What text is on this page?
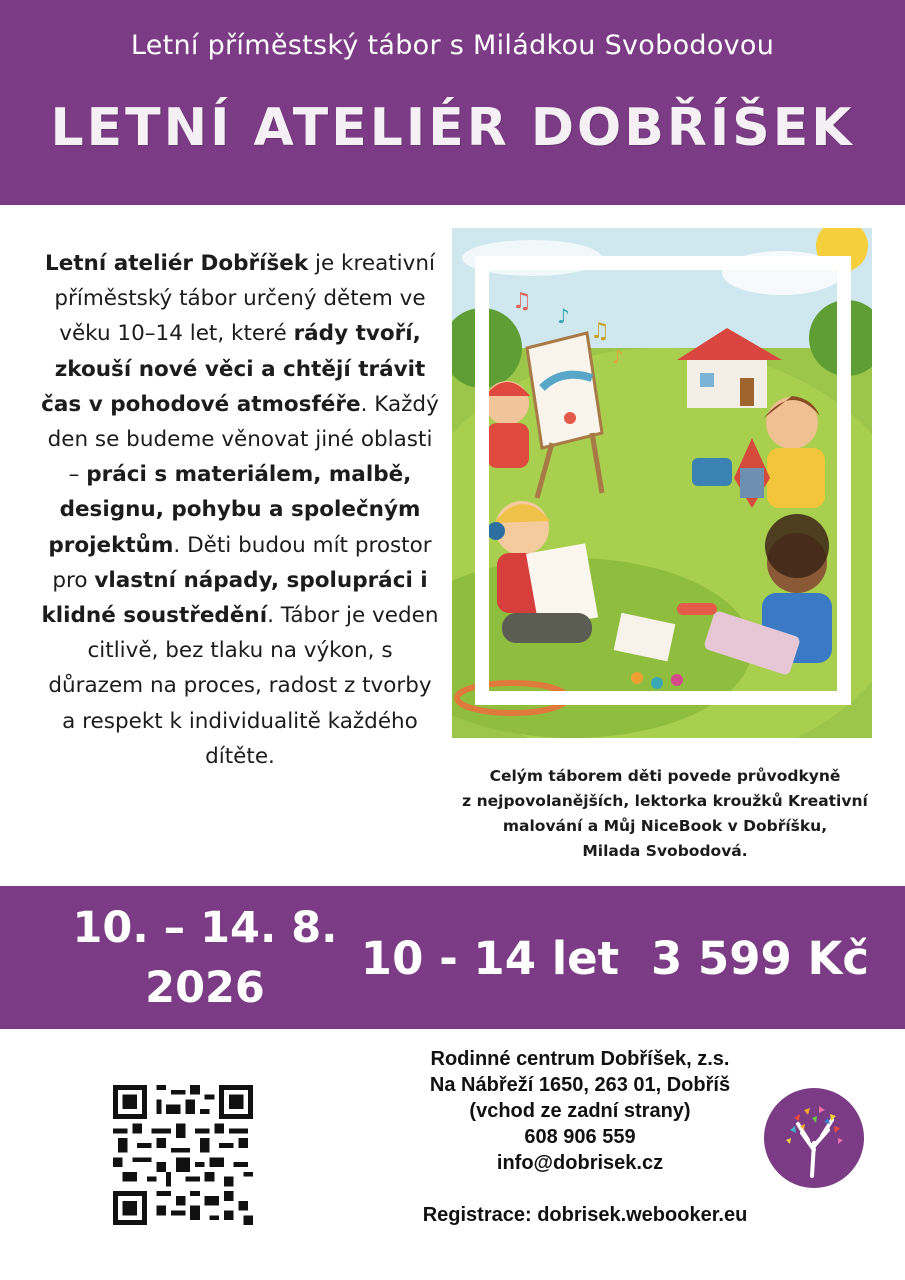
Letní příměstský tábor s Miládkou Svobodovou
LETNÍ ATELIÉR DOBŘÍŠEK
Letní ateliér Dobříšek je kreativní příměstský tábor určený dětem ve věku 10–14 let, které rády tvoří, zkouší nové věci a chtějí trávit čas v pohodové atmosféře. Každý den se budeme věnovat jiné oblasti – práci s materiálem, malbě, designu, pohybu a společným projektům. Děti budou mít prostor pro vlastní nápady, spolupráci i klidné soustředění. Tábor je veden citlivě, bez tlaku na výkon, s důrazem na proces, radost z tvorby a respekt k individualitě každého dítěte.
♫
♪
♫
♪
Celým táborem děti povede průvodkyně
z nejpovolanějších, lektorka kroužků Kreativní
malování a Můj NiceBook v Dobříšku,
Milada Svobodová.
10. – 14. 8.
2026
10 - 14 let 3 599 Kč
Rodinné centrum Dobříšek, z.s.
Na Nábřeží 1650, 263 01, Dobříš
(vchod ze zadní strany)
608 906 559
info@dobrisek.cz
Registrace: dobrisek.webooker.eu
